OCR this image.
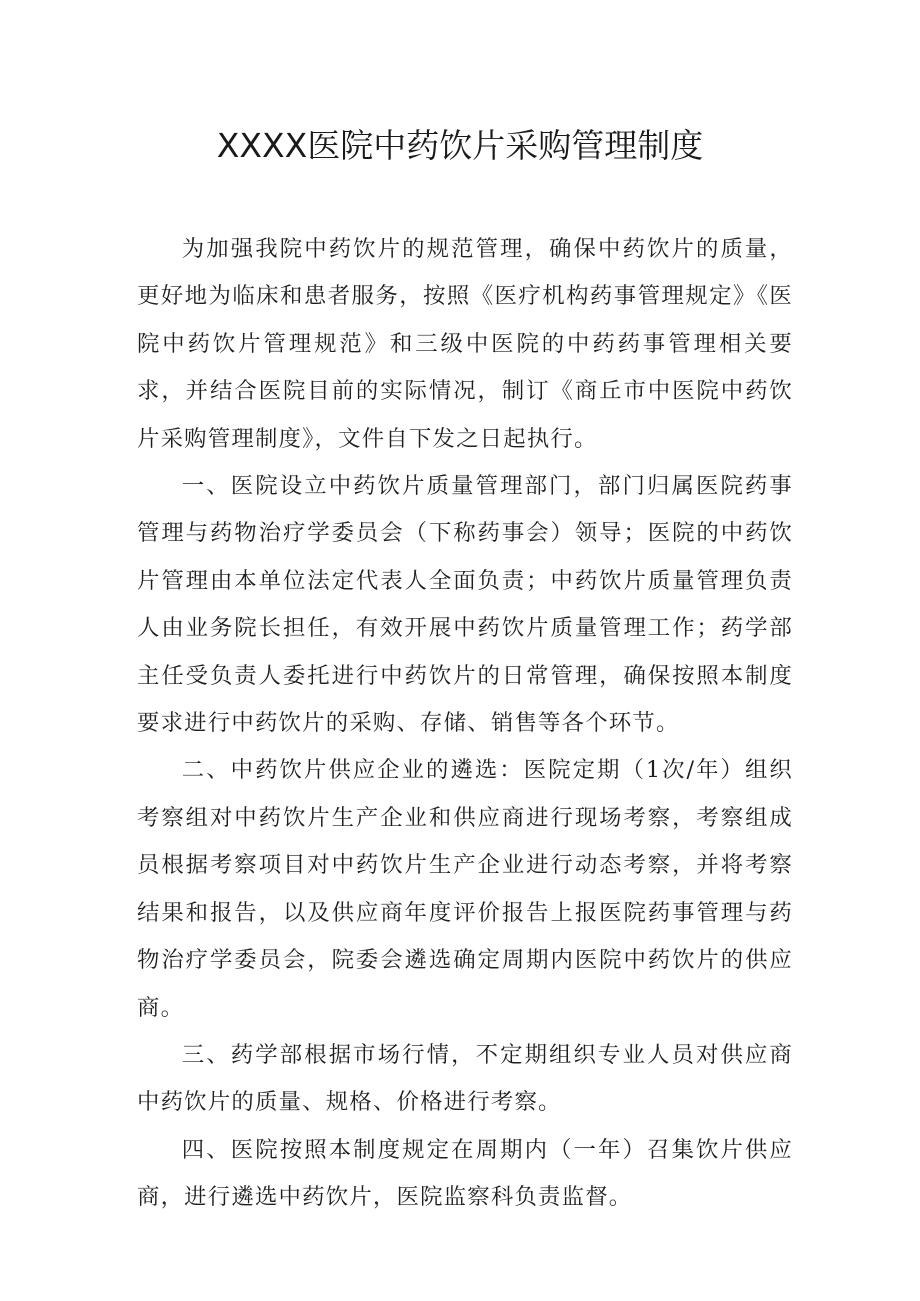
XXXX医院中药饮片采购管理制度

为加强我院中药饮片的规范管理，确保中药饮片的质量，更好地为临床和患者服务，按照《医疗机构药事管理规定》《医院中药饮片管理规范》和三级中医院的中药药事管理相关要求，并结合医院目前的实际情况，制订《商丘市中医院中药饮片采购管理制度》，文件自下发之日起执行。

一、医院设立中药饮片质量管理部门，部门归属医院药事管理与药物治疗学委员会（下称药事会）领导；医院的中药饮片管理由本单位法定代表人全面负责；中药饮片质量管理负责人由业务院长担任，有效开展中药饮片质量管理工作；药学部主任受负责人委托进行中药饮片的日常管理，确保按照本制度要求进行中药饮片的采购、存储、销售等各个环节。

二、中药饮片供应企业的遴选：医院定期（1次/年）组织考察组对中药饮片生产企业和供应商进行现场考察，考察组成员根据考察项目对中药饮片生产企业进行动态考察，并将考察结果和报告，以及供应商年度评价报告上报医院药事管理与药物治疗学委员会，院委会遴选确定周期内医院中药饮片的供应商。

三、药学部根据市场行情，不定期组织专业人员对供应商中药饮片的质量、规格、价格进行考察。

四、医院按照本制度规定在周期内（一年）召集饮片供应商，进行遴选中药饮片，医院监察科负责监督。
